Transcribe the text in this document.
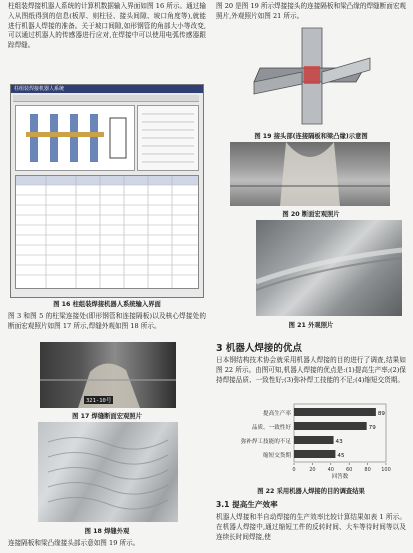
柱组装焊接机器人系统的计算机数据输入界面如图 16 所示。通过输入从图纸得到的信息(板厚、则柱径、接头间隙、坡口角度等),就能进行机器人焊接的准备。关于坡口间隙,如形钢管的角部大小等改变,可以通过机器人的传感器进行应对,在焊接中可以使用电弧传感器跟踪焊缝。

柱组装焊接机器人系统

图 16 柱组装焊接机器人系统输入界面

图 3 和图 5 的柱梁连接处(即形钢管和连接隔板)以及核心焊接处的断面宏观照片如图 17 所示,焊缝外观如图 18 所示。

321-10号

图 17 焊缝断面宏观照片

图 18 焊缝外观

连接隔板和梁凸缘接头部示意如图 19 所示。

图 20 是图 19 所示焊接接头的连接隔板和梁凸缘的焊缝断面宏观照片,外观照片如图 21 所示。

图 19 接头部(连接隔板和梁凸缘)示意图

图 20 断面宏观照片

图 21 外观照片

3 机器人焊接的优点

日本钢结构技术协会就采用机器人焊接的目的进行了调查,结果如图 22 所示。由图可知,机器人焊接的优点是:(1)提高生产率;(2)保持焊接品质、一致性好;(3)弥补焊工技能的不足;(4)缩短交货期。

提高生产率	89
品质、一致性好	79
弥补焊工技能的不足	43
缩短交货期	45
0	20 40 60 80 100
回答数

图 22 采用机器人焊接的目的调查结果

3.1 提高生产效率

机器人焊接和半自动焊接的生产效率比较计算结果如表 1 所示。在机器人焊接中,通过缩短工件的反转时间、大车等待时间等以及连续长时间焊接,使
